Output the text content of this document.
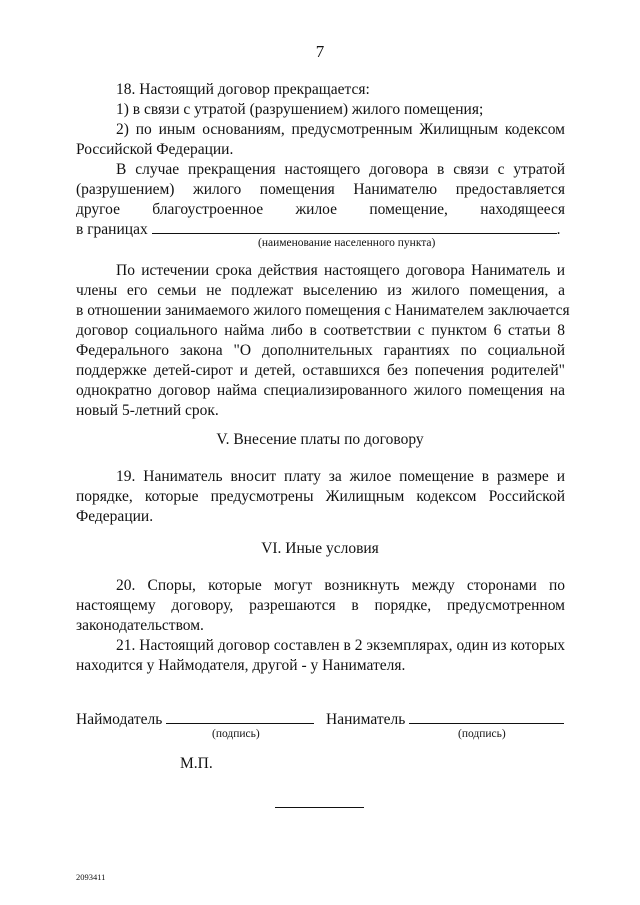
7
18. Настоящий договор прекращается:
1) в связи с утратой (разрушением) жилого помещения;
2) по иным основаниям, предусмотренным Жилищным кодексом
Российской Федерации.
В случае прекращения настоящего договора в связи с утратой
(разрушением) жилого помещения Нанимателю предоставляется
другое благоустроенное жилое помещение, находящееся
в границах	.
(наименование населенного пункта)
По истечении срока действия настоящего договора Наниматель и
члены его семьи не подлежат выселению из жилого помещения, а
в отношении занимаемого жилого помещения с Нанимателем заключается
договор социального найма либо в соответствии с пунктом 6 статьи 8
Федерального закона "О дополнительных гарантиях по социальной
поддержке детей-сирот и детей, оставшихся без попечения родителей"
однократно договор найма специализированного жилого помещения на
новый 5-летний срок.
V. Внесение платы по договору
19. Наниматель вносит плату за жилое помещение в размере и
порядке, которые предусмотрены Жилищным кодексом Российской
Федерации.
VI. Иные условия
20. Споры, которые могут возникнуть между сторонами по
настоящему договору, разрешаются в порядке, предусмотренном
законодательством.
21. Настоящий договор составлен в 2 экземплярах, один из которых
находится у Наймодателя, другой - у Нанимателя.
Наймодатель	Наниматель
(подпись)	(подпись)
М.П.
2093411
